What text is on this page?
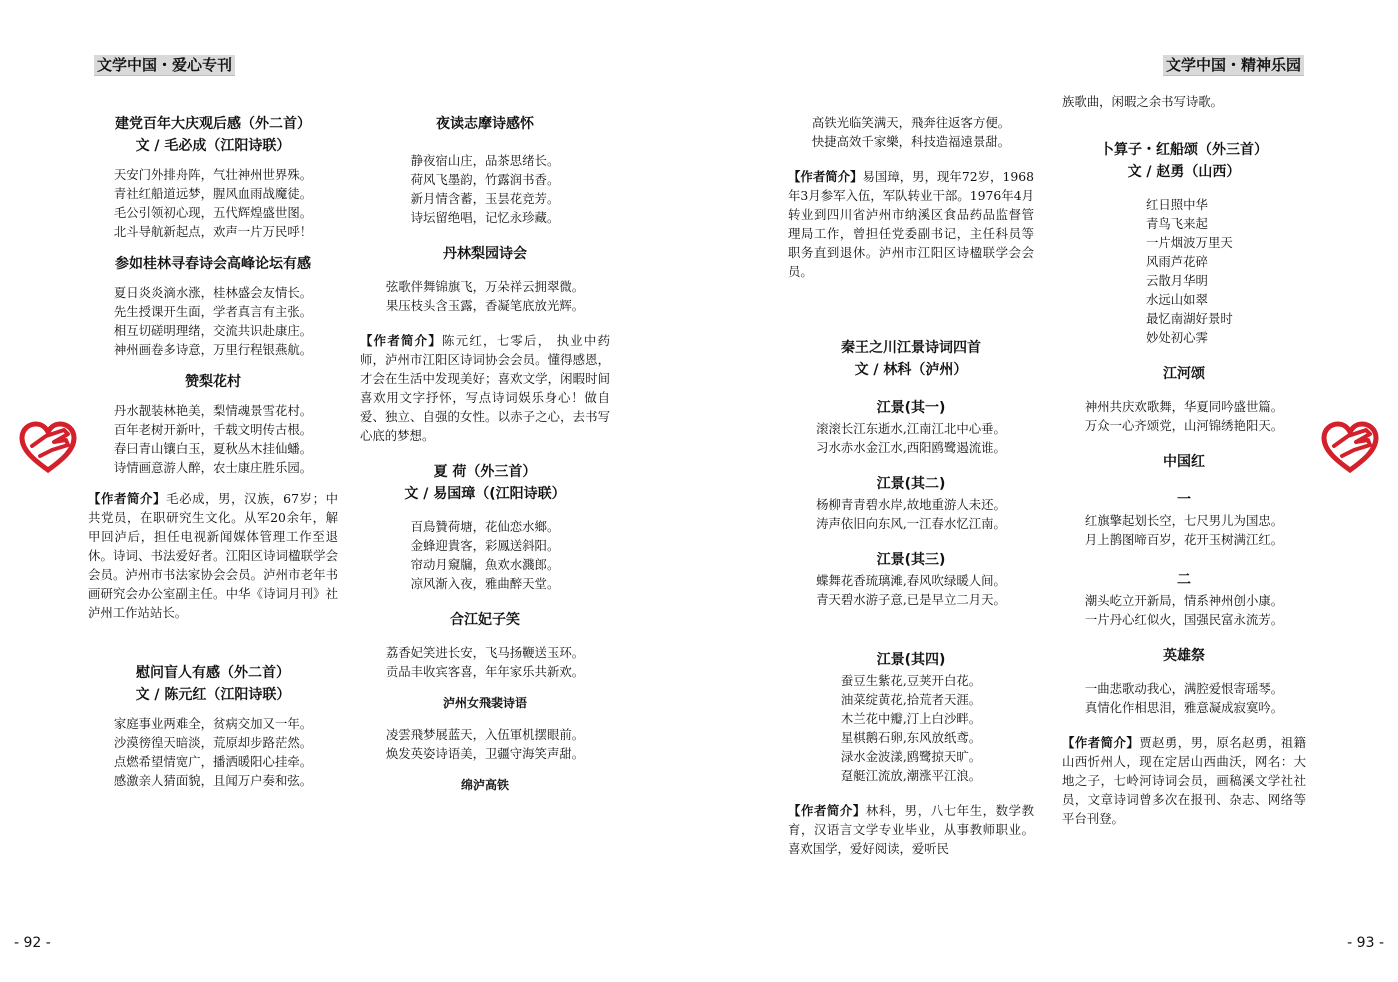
文学中国・爱心专刊	文学中国・精神乐园
- 92 -	- 93 -

建党百年大庆观后感（外二首）

文 / 毛必成（江阳诗联）

天安门外排舟阵，气壮神州世界殊。

青社红船道远梦，腥风血雨战魔徒。

毛公引领初心现，五代辉煌盛世图。

北斗导航新起点，欢声一片万民呼！

参如桂林寻春诗会高峰论坛有感

夏日炎炎滴水涨，桂林盛会友情长。

先生授课开生面，学者真言有主张。

相互切磋明理绪，交流共识赴康庄。

神州画卷多诗意，万里行程银燕航。

赞梨花村

丹水靓装林艳美，梨情魂景雪花村。

百年老树开新叶，千载文明传古根。

春曰青山镶白玉，夏秋丛木挂仙蟠。

诗情画意游人醉，农士康庄胜乐园。

【作者简介】毛必成，男，汉族，67岁；中共党员，在职研究生文化。从军20余年，解甲回泸后，担任电视新闻媒体管理工作至退休。诗词、书法爱好者。江阳区诗词楹联学会会员。泸州市书法家协会会员。泸州市老年书画研究会办公室副主任。中华《诗词月刊》社泸州工作站站长。

慰问盲人有感（外二首）

文 / 陈元红（江阳诗联）

家庭事业两难全，贫病交加又一年。

沙漠徬徨天暗淡，荒原却步路茫然。

点燃希望情宽广，播洒暖阳心挂牵。

感激亲人猜面貌，且闻万户奏和弦。

夜读志摩诗感怀

静夜宿山庄，品茶思绪长。

荷风飞墨韵，竹露润书香。

新月情含蓄，玉昙花竞芳。

诗坛留绝唱，记忆永珍藏。

丹林梨园诗会

弦歌伴舞锦旗飞，万朵祥云拥翠微。

果压枝头含玉露，香凝笔底放光辉。

【作者简介】陈元红，七零后， 执业中药师，泸州市江阳区诗词协会会员。懂得感恩，才会在生活中发现美好；喜欢文学，闲暇时间喜欢用文字抒怀，写点诗词娱乐身心！做自爱、独立、自强的女性。以赤子之心，去书写心底的梦想。

夏 荷（外三首）

文 / 易国璋（(江阳诗联）

百鳥贊荷塘，花仙恋水鄉。

金蜂迎貴客，彩鳳送斜阳。

帘动月窺牖，魚欢水濺郎。

凉风渐入夜，雅曲醉天堂。

合江妃子笑

荔香妃笑进长安，飞马扬鞭送玉环。

贡品丰收宾客喜，年年家乐共新欢。

泸州女飛裴诗语

凌雲飛梦展蓝天，入伍軍机摆眼前。

焕发英姿诗语美，卫疆守海笑声甜。

绵泸高铁

高铁光临笑满天，飛奔往返客方便。

快捷高效千家樂，科技造福遠景甜。

【作者简介】易国璋，男，现年72岁，1968年3月参军入伍，军队转业干部。1976年4月转业到四川省泸州市纳溪区食品药品监督管理局工作，曾担任党委副书记，主任科员等职务直到退休。泸州市江阳区诗楹联学会会员。

秦王之川江景诗词四首

文 / 林科（泸州）

江景(其一)

滚滚长江东逝水,江南江北中心垂。

习水赤水金江水,西阳鸥鹭遏流谁。

江景(其二)

杨柳青青碧水岸,故地重游人未还。

涛声依旧向东风,一江春水忆江南。

江景(其三)

蝶舞花香琉璃滩,春风吹绿暖人间。

青天碧水游子意,已是早立二月天。

江景(其四)

蚕豆生紫花,豆荚开白花。

油菜绽黄花,拾荒者天涯。

木兰花中瓣,汀上白沙畔。

星棋鹅石卵,东风放纸鸢。

渌水金波漾,鸥鹭掠天旷。

趸艇江流放,潮涨平江浪。

【作者简介】林科，男，八七年生，数学教育，汉语言文学专业毕业，从事教师职业。喜欢国学，爱好阅读，爱听民

族歌曲，闲暇之余书写诗歌。

卜算子・红船颂（外三首）

文 / 赵勇（山西）

红日照中华

青鸟飞来起

一片烟波万里天

风雨芦花碎

云散月华明

水远山如翠

最忆南湖好景时

妙处初心霁

江河颂

神州共庆欢歌舞，华夏同吟盛世篇。

万众一心齐颂党，山河锦绣艳阳天。

中国红

一

红旗擎起划长空，七尺男儿为国忠。

月上鹊图啼百岁，花开玉树满江红。

二

潮头屹立开新局，情系神州创小康。

一片丹心红似火，国强民富永流芳。

英雄祭

一曲悲歌动我心，满腔爱恨寄瑶琴。

真情化作相思泪，雅意凝成寂寞吟。

【作者简介】贾赵勇，男，原名赵勇，祖籍山西忻州人，现在定居山西曲沃，网名：大地之子，七岭河诗词会员，画稿溪文学社社员，文章诗词曾多次在报刊、杂志、网络等平台刊登。
